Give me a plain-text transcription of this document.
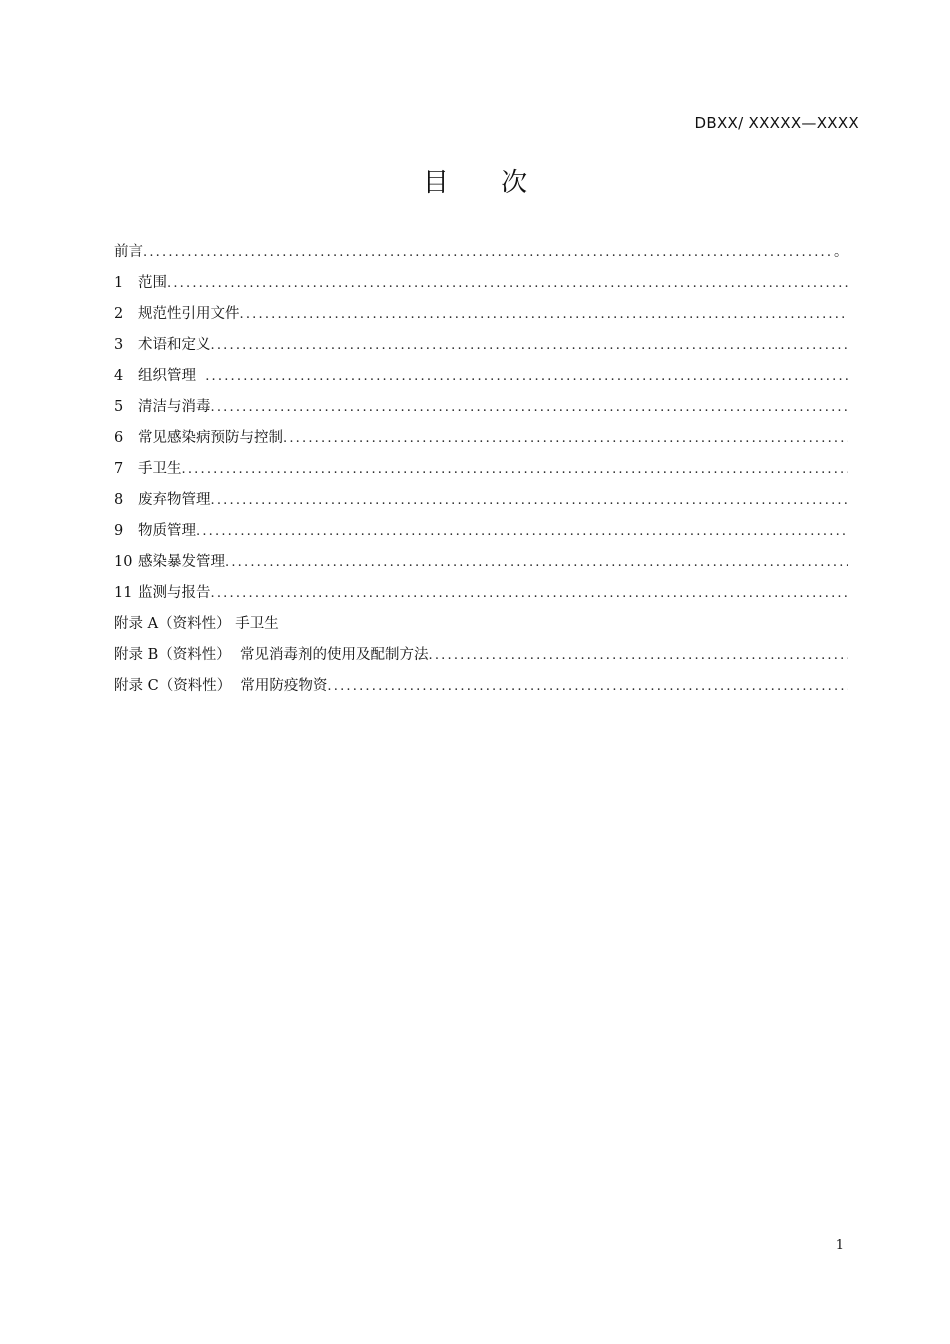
DBXX/ XXXXX—XXXX
目 次
前言
.....	。
1	范围
.....
2	规范性引用文件
.....
3	术语和定义
.....
4	组织管理
.....
5	清洁与消毒
.....
6	常见感染病预防与控制
.....
7	手卫生
.....
8	废弃物管理
.....
9	物质管理
.....
10 感染暴发管理
.....
11 监测与报告
.....
附录 A（资料性） 手卫生
附录 B（资料性）  常见消毒剂的使用及配制方法
.....
附录 C（资料性）  常用防疫物资
.....
1
